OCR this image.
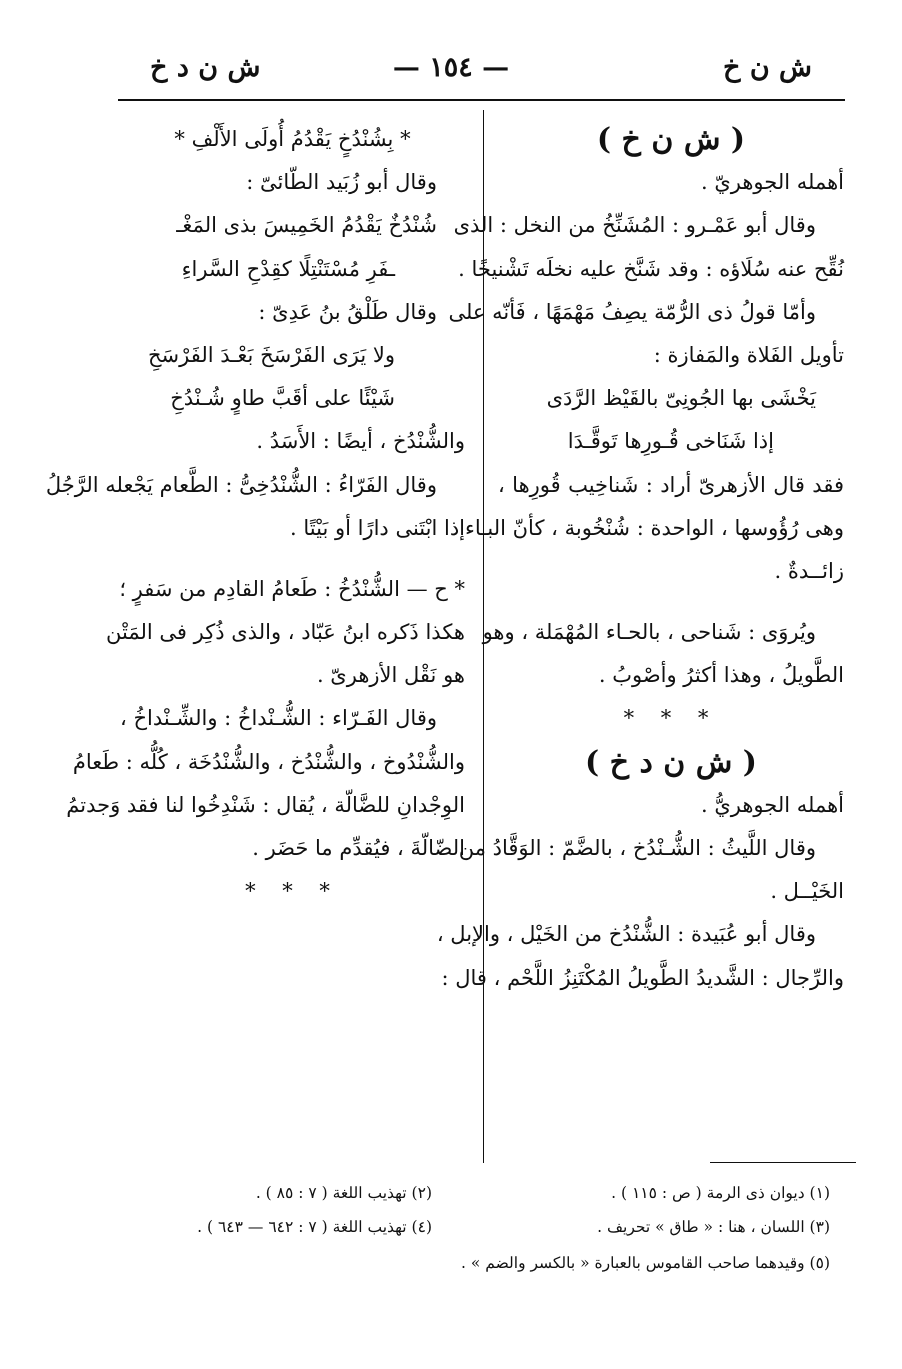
ش ن خ
— ١٥٤ —
ش ن د خ
( ش ن خ )
أهمله الجوهريّ .
وقال أبو عَمْـرو : المُشَنِّخُ من النخل : الذى
نُقِّح عنه سُلَاؤه : وقد شَنَّخ عليه نخلَه تَشْنيخًا .
وأمّا قولُ ذى الرُّمّة يصِفُ مَهْمَهًا ، فَأنّه على
تأويل الفَلاة والمَفازة :
يَخْشَى بها الجُونِىّ بالقَيْظ الرَّدَى
إذا شَنَاخى قُـورِها تَوقَّـدَا
فقد قال الأزهرىّ أراد : شَناخِيب قُورِها ،
وهى رُؤُوسها ، الواحدة : شُنْخُوبة ، كأنّ البـاء
زائــدةٌ .
ويُروَى : شَناحى ، بالحـاء المُهْمَلة ، وهو
الطَّويلُ ، وهذا أكثرُ وأصْوبُ .
* * *
( ش ن د خ )
أهمله الجوهريُّ .
وقال اللَّيثُ : الشُّـنْدُخ ، بالضَّمّ : الوَقَّادُ من
الخَيْــل .
وقال أبو عُبَيدة : الشُّنْدُخ من الخَيْل ، والإبل ،
والرِّجال : الشَّديدُ الطَّويلُ المُكْتَنِزُ اللَّحْم ، قال :
* بِشُنْدُخٍ يَقْدُمُ أُولَى الأَلْفِ *
وقال أبو زُبَيد الطّائىّ :
شُنْدُخٌ يَقْدُمُ الخَمِيسَ بذى المَغْـ
ـفَرِ مُسْتَنْتِلًا كقِدْحِ السَّراءِ
وقال طَلْقُ بنُ عَدِىّ :
ولا يَرَى الفَرْسَخَ بَعْـدَ الفَرْسَخِ
شَيْئًا على أقَبَّ طاوٍ شُـنْدُخِ
والشُّنْدُخ ، أيضًا : الأَسَدُ .
وقال الفَرّاءُ : الشُّنْدُخِىُّ : الطَّعام يَجْعله الرَّجُلُ
إذا ابْتَنى دارًا أو بَيْتًا .
* ح — الشُّنْدُخُ : طَعامُ القادِم من سَفرٍ ؛
هكذا ذَكره ابنُ عَبّاد ، والذى ذُكِر فى المَتْن
هو نَقْل الأزهرىّ .
وقال الفَـرّاء : الشُّـنْداخُ : والشِّـنْداخُ ،
والشُّنْدُوخ ، والشُّنْدُخ ، والشُّنْدُخَة ، كُلُّه : طَعامُ
الوِجْدانِ للضَّالّة ، يُقال : شَنْدِخُوا لنا فقد وَجدتمُ
الضّالّةَ ، فيُقدِّم ما حَضَر .
* * *
(١) ديوان ذى الرمة ( ص : ١١٥ ) .
(٢) تهذيب اللغة ( ٧ : ٨٥ ) .
(٣) اللسان ، هنا : « طاق » تحريف .
(٤) تهذيب اللغة ( ٧ : ٦٤٢ — ٦٤٣ ) .
(٥) وقيدهما صاحب القاموس بالعبارة « بالكسر والضم » .
